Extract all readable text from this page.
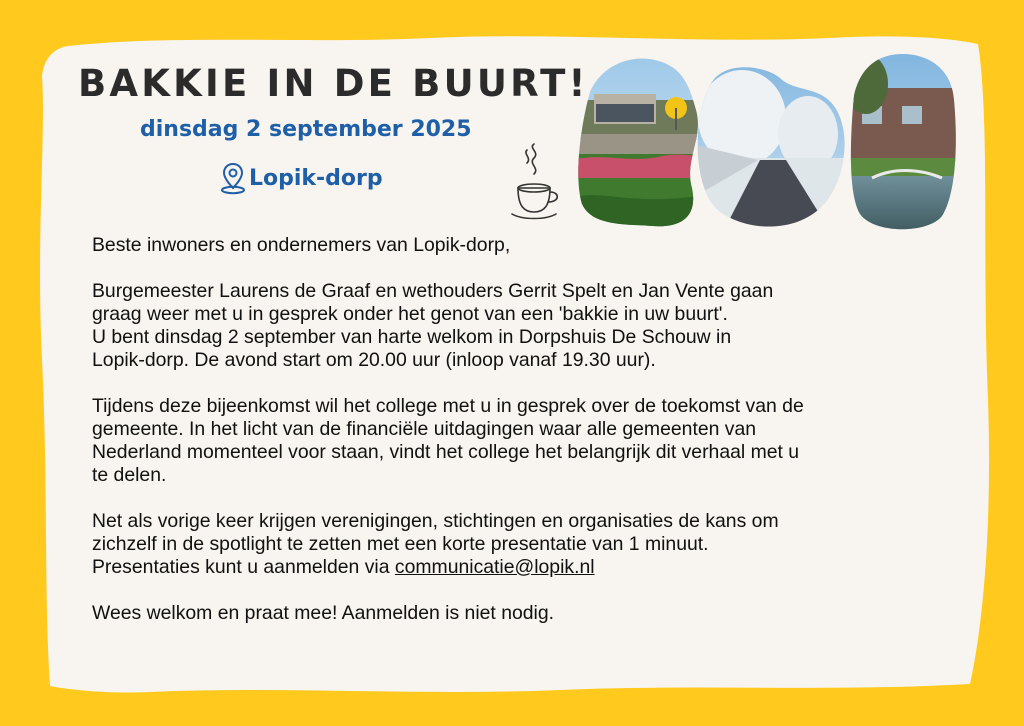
BAKKIE IN DE BUURT!
dinsdag 2 september 2025
Lopik-dorp

Beste inwoners en ondernemers van Lopik-dorp,

Burgemeester Laurens de Graaf en wethouders Gerrit Spelt en Jan Vente gaan
graag weer met u in gesprek onder het genot van een 'bakkie in uw buurt'.
U bent dinsdag 2 september van harte welkom in Dorpshuis De Schouw in
Lopik-dorp. De avond start om 20.00 uur (inloop vanaf 19.30 uur).

Tijdens deze bijeenkomst wil het college met u in gesprek over de toekomst van de
gemeente. In het licht van de financiële uitdagingen waar alle gemeenten van
Nederland momenteel voor staan, vindt het college het belangrijk dit verhaal met u
te delen.

Net als vorige keer krijgen verenigingen, stichtingen en organisaties de kans om
zichzelf in de spotlight te zetten met een korte presentatie van 1 minuut.
Presentaties kunt u aanmelden via communicatie@lopik.nl

Wees welkom en praat mee! Aanmelden is niet nodig.
